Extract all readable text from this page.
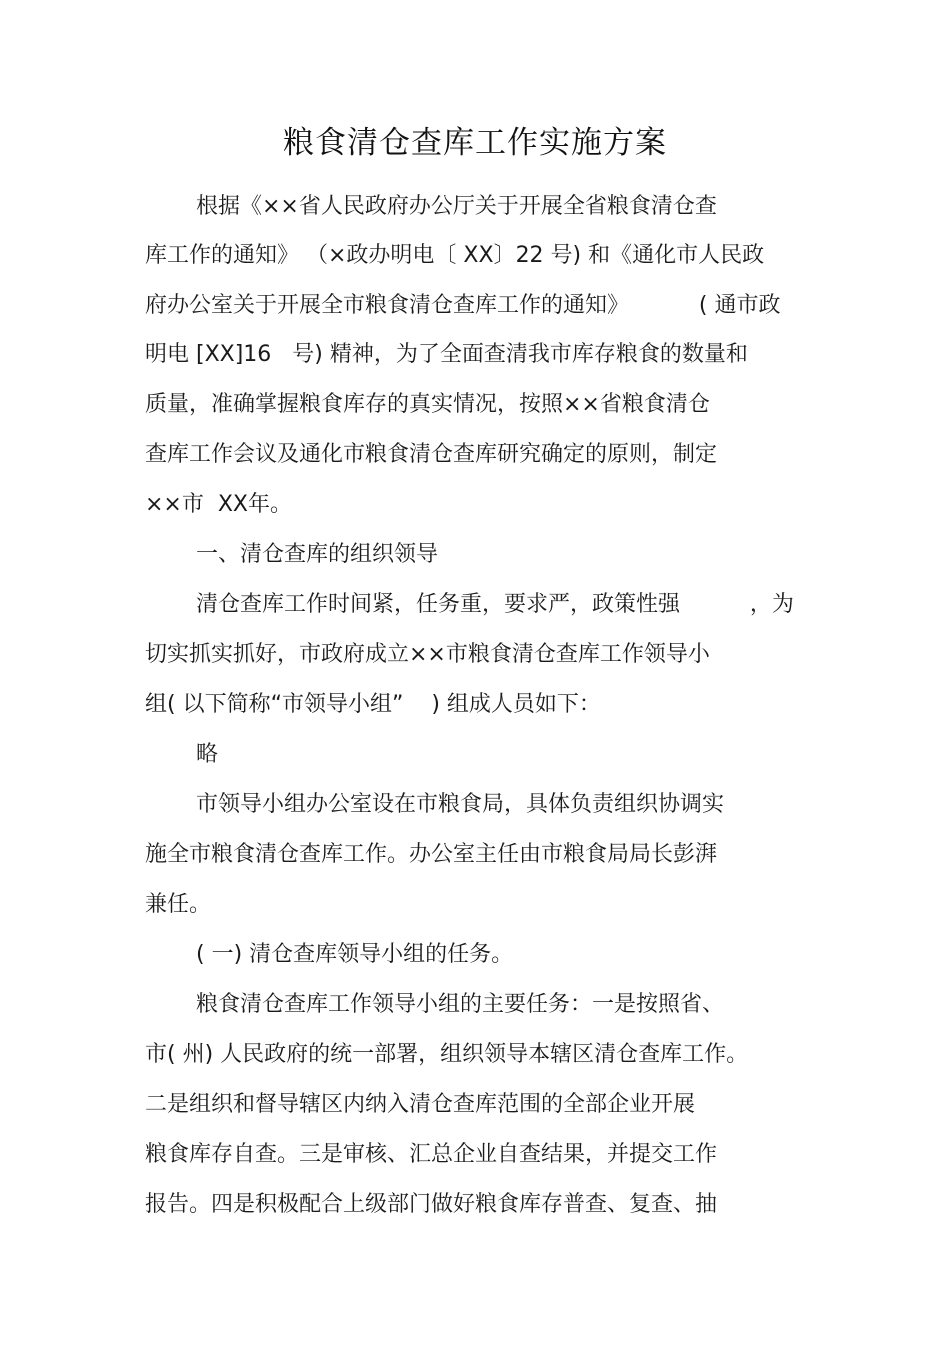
粮食清仓查库工作实施方案
根据《××省人民政府办公厅关于开展全省粮食清仓查
库工作的通知》 （×政办明电〔 XX〕22 号) 和《通化市人民政
府办公室关于开展全市粮食清仓查库工作的通知》          ( 通市政
明电 [XX]16   号) 精神，为了全面查清我市库存粮食的数量和
质量，准确掌握粮食库存的真实情况，按照××省粮食清仓
查库工作会议及通化市粮食清仓查库研究确定的原则，制定
××市  XX年。
一、清仓查库的组织领导
清仓查库工作时间紧，任务重，要求严，政策性强          ，为
切实抓实抓好，市政府成立××市粮食清仓查库工作领导小
组( 以下简称“市领导小组”    ) 组成人员如下：
略
市领导小组办公室设在市粮食局，具体负责组织协调实
施全市粮食清仓查库工作。办公室主任由市粮食局局长彭湃
兼任。
( 一) 清仓查库领导小组的任务。
粮食清仓查库工作领导小组的主要任务：一是按照省、
市( 州) 人民政府的统一部署，组织领导本辖区清仓查库工作。
二是组织和督导辖区内纳入清仓查库范围的全部企业开展
粮食库存自查。三是审核、汇总企业自查结果，并提交工作
报告。四是积极配合上级部门做好粮食库存普查、复查、抽
